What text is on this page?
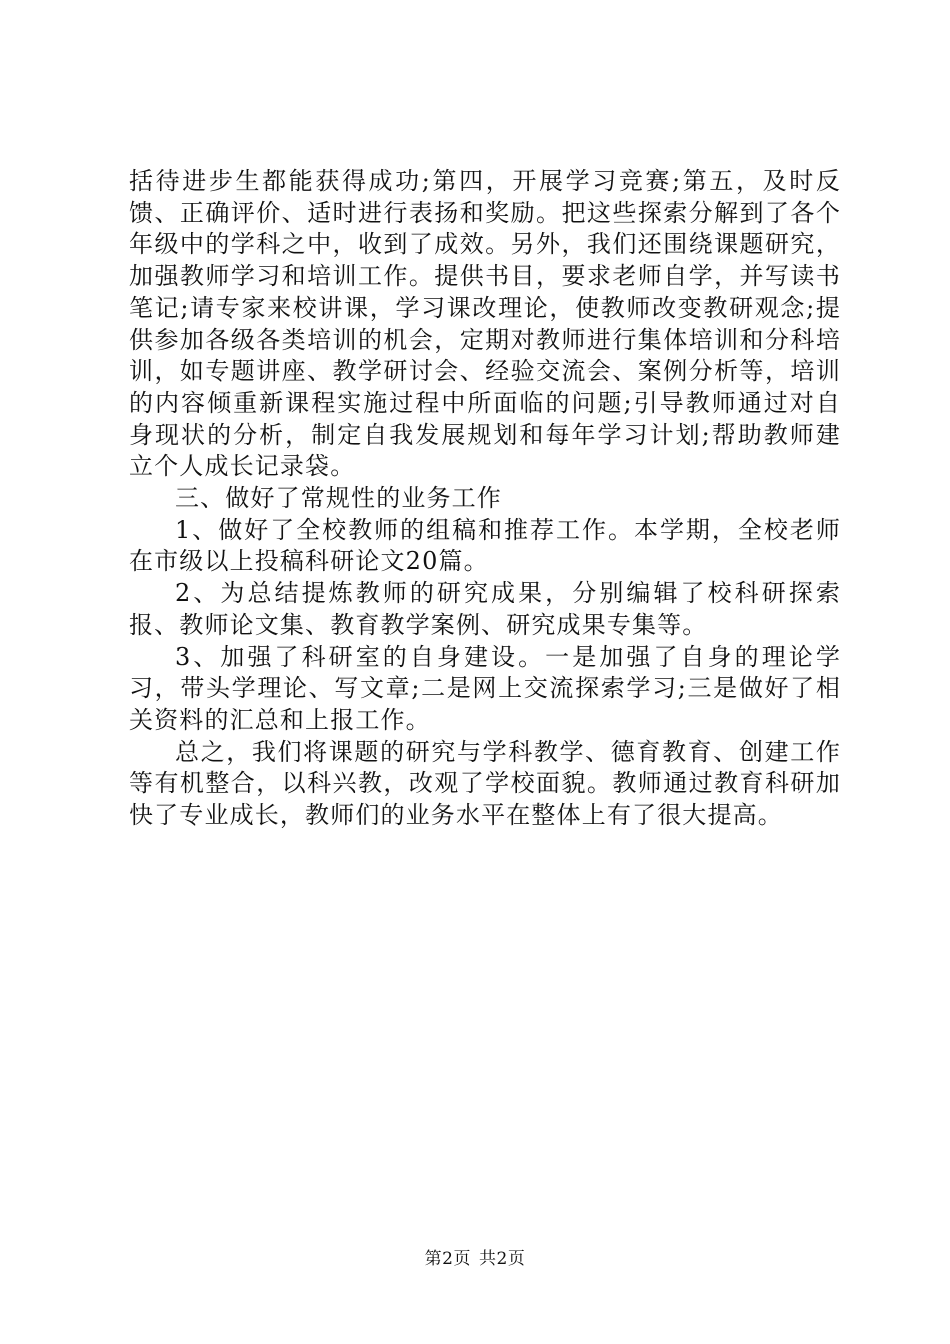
括待进步生都能获得成功;第四，开展学习竞赛;第五，及时反馈、正确评价、适时进行表扬和奖励。把这些探索分解到了各个年级中的学科之中，收到了成效。另外，我们还围绕课题研究，加强教师学习和培训工作。提供书目，要求老师自学，并写读书笔记;请专家来校讲课，学习课改理论，使教师改变教研观念;提供参加各级各类培训的机会，定期对教师进行集体培训和分科培训，如专题讲座、教学研讨会、经验交流会、案例分析等，培训的内容倾重新课程实施过程中所面临的问题;引导教师通过对自身现状的分析，制定自我发展规划和每年学习计划;帮助教师建立个人成长记录袋。

三、做好了常规性的业务工作

1、做好了全校教师的组稿和推荐工作。本学期，全校老师在市级以上投稿科研论文20篇。

2、为总结提炼教师的研究成果，分别编辑了校科研探索报、教师论文集、教育教学案例、研究成果专集等。

3、加强了科研室的自身建设。一是加强了自身的理论学习，带头学理论、写文章;二是网上交流探索学习;三是做好了相关资料的汇总和上报工作。

总之，我们将课题的研究与学科教学、德育教育、创建工作等有机整合，以科兴教，改观了学校面貌。教师通过教育科研加快了专业成长，教师们的业务水平在整体上有了很大提高。

第2页 共2页
